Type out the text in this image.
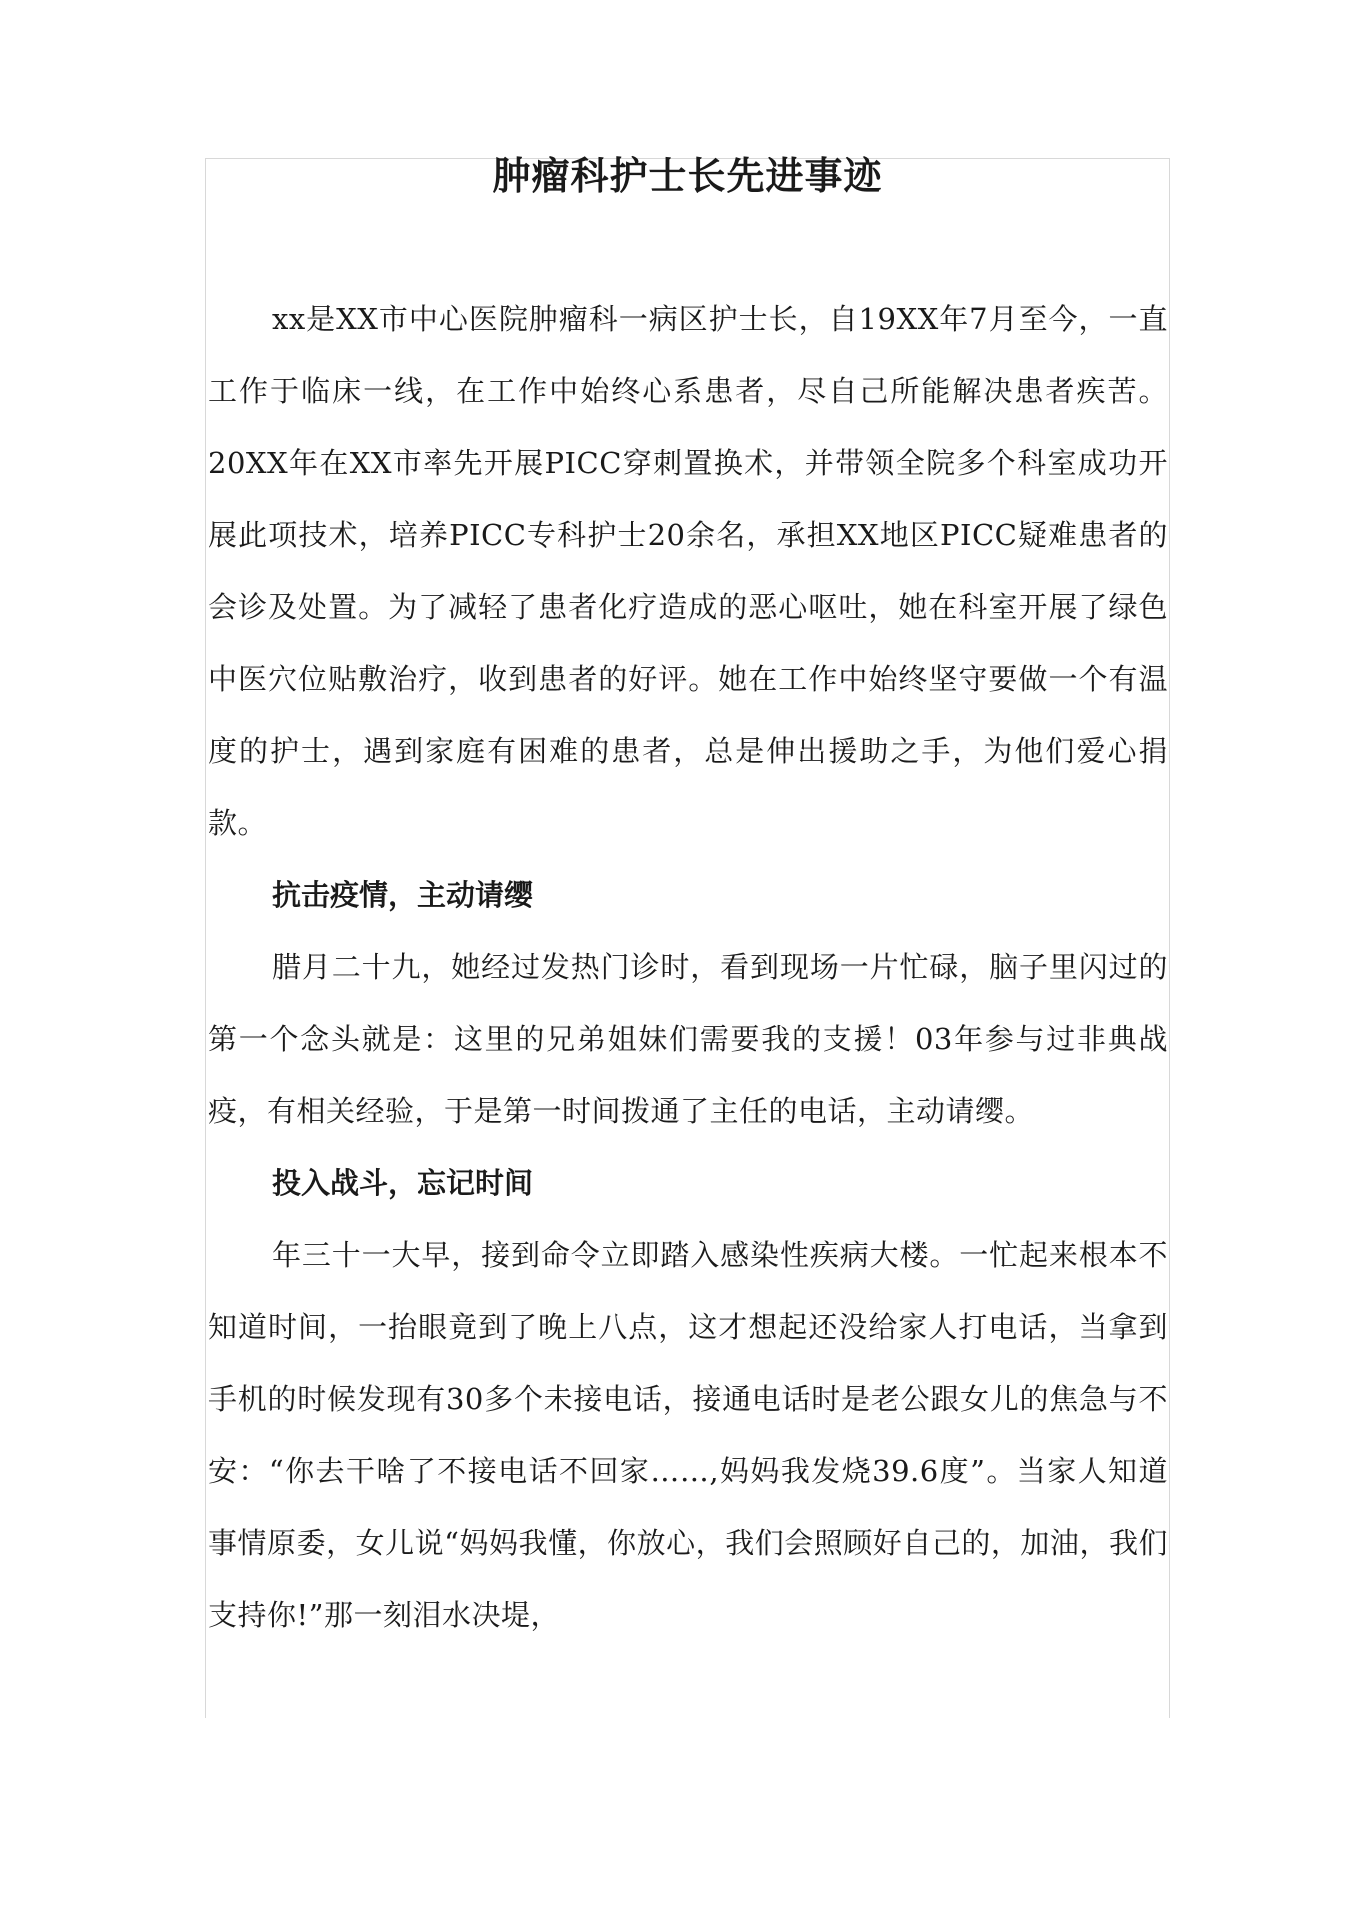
肿瘤科护士长先进事迹

xx是XX市中心医院肿瘤科一病区护士长，自19XX年7月至今，一直工作于临床一线，在工作中始终心系患者，尽自己所能解决患者疾苦。20XX年在XX市率先开展PICC穿刺置换术，并带领全院多个科室成功开展此项技术，培养PICC专科护士20余名，承担XX地区PICC疑难患者的会诊及处置。为了减轻了患者化疗造成的恶心呕吐，她在科室开展了绿色中医穴位贴敷治疗，收到患者的好评。她在工作中始终坚守要做一个有温度的护士，遇到家庭有困难的患者，总是伸出援助之手，为他们爱心捐款。

抗击疫情，主动请缨

腊月二十九，她经过发热门诊时，看到现场一片忙碌，脑子里闪过的第一个念头就是：这里的兄弟姐妹们需要我的支援！03年参与过非典战疫，有相关经验，于是第一时间拨通了主任的电话，主动请缨。

投入战斗，忘记时间

年三十一大早，接到命令立即踏入感染性疾病大楼。一忙起来根本不知道时间，一抬眼竟到了晚上八点，这才想起还没给家人打电话，当拿到手机的时候发现有30多个未接电话，接通电话时是老公跟女儿的焦急与不安：“你去干啥了不接电话不回家……,妈妈我发烧39.6度”。当家人知道事情原委，女儿说“妈妈我懂，你放心，我们会照顾好自己的，加油，我们支持你!”那一刻泪水决堤，
